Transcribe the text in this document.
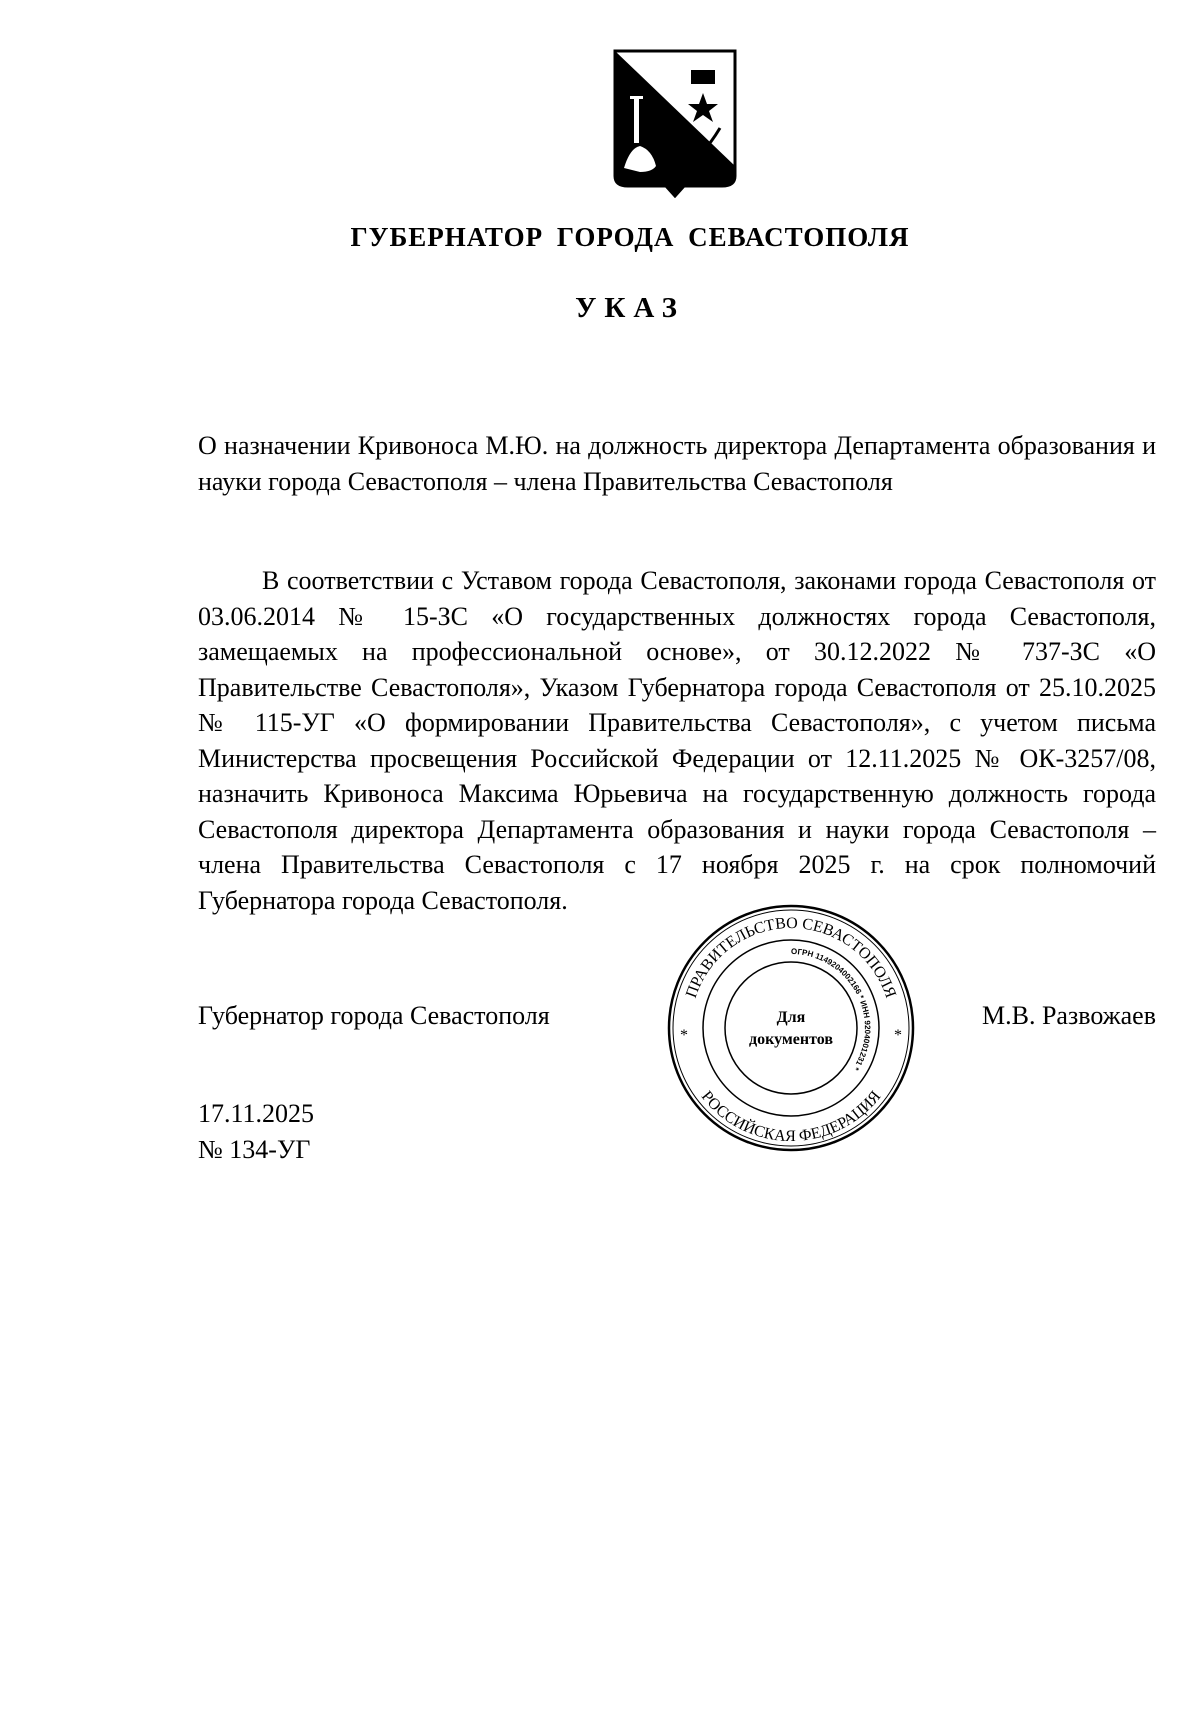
ГУБЕРНАТОР ГОРОДА СЕВАСТОПОЛЯ
УКАЗ
О назначении Кривоноса М.Ю. на должность директора Департамента образования и науки города Севастополя – члена Правительства Севастополя
В соответствии с Уставом города Севастополя, законами города Севастополя от 03.06.2014 № 15-ЗС «О государственных должностях города Севастополя, замещаемых на профессиональной основе», от 30.12.2022 № 737-ЗС «О Правительстве Севастополя», Указом Губернатора города Севастополя от 25.10.2025 № 115-УГ «О формировании Правительства Севастополя», с учетом письма Министерства просвещения Российской Федерации от 12.11.2025 № ОК-3257/08, назначить Кривоноса Максима Юрьевича на государственную должность города Севастополя директора Департамента образования и науки города Севастополя – члена Правительства Севастополя с 17 ноября 2025 г. на срок полномочий Губернатора города Севастополя.
Губернатор города Севастополя
ПРАВИТЕЛЬСТВО СЕВАСТОПОЛЯ
РОССИЙСКАЯ ФЕДЕРАЦИЯ
*	*
ОГРН 1149204002166 * ИНН 9204001231 *
Для
документов
М.В. Развожаев
17.11.2025
№ 134-УГ
